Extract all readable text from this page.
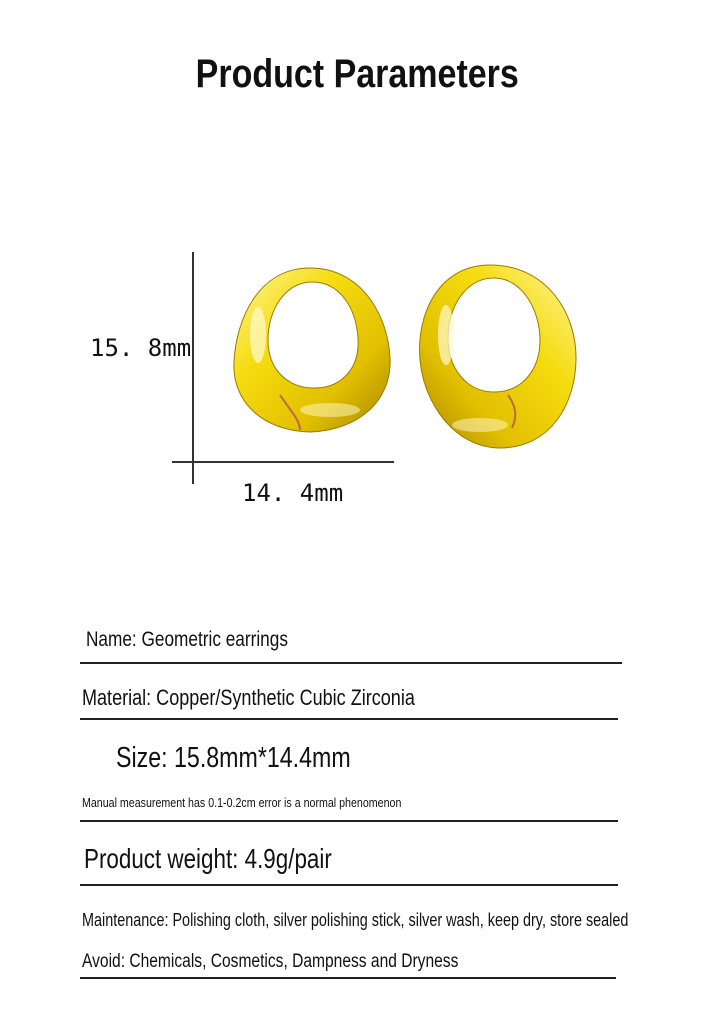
Product Parameters
15. 8mm
14. 4mm
Name: Geometric earrings
Material: Copper/Synthetic Cubic Zirconia
Size: 15.8mm*14.4mm
Manual measurement has 0.1-0.2cm error is a normal phenomenon
Product weight: 4.9g/pair
Maintenance: Polishing cloth, silver polishing stick, silver wash, keep dry, store sealed
Avoid: Chemicals, Cosmetics, Dampness and Dryness
